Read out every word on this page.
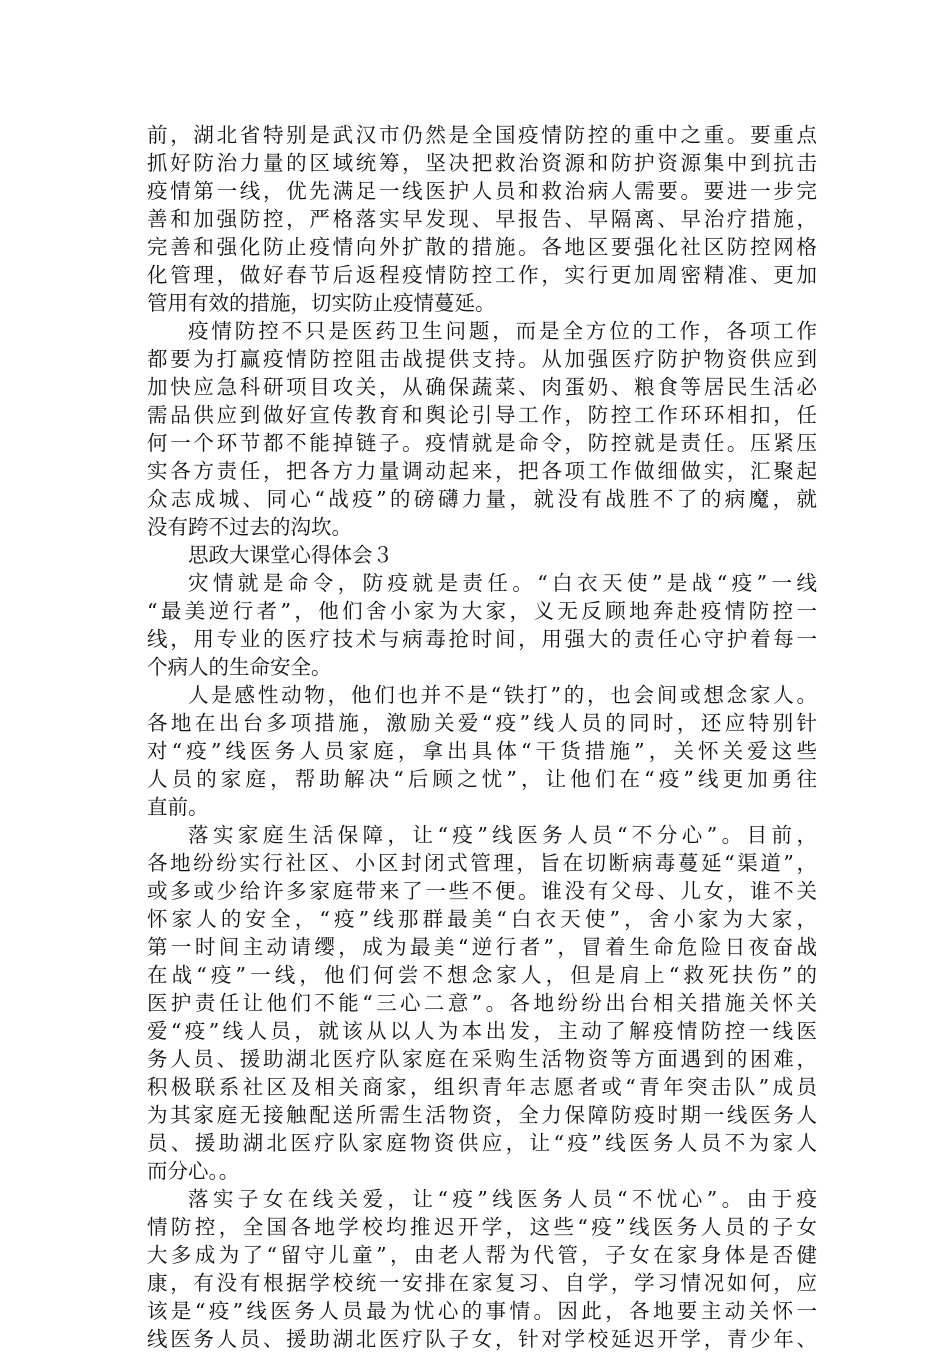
前，湖北省特别是武汉市仍然是全国疫情防控的重中之重。要重点
抓好防治力量的区域统筹，坚决把救治资源和防护资源集中到抗击
疫情第一线，优先满足一线医护人员和救治病人需要。要进一步完
善和加强防控，严格落实早发现、早报告、早隔离、早治疗措施，
完善和强化防止疫情向外扩散的措施。各地区要强化社区防控网格
化管理，做好春节后返程疫情防控工作，实行更加周密精准、更加
管用有效的措施，切实防止疫情蔓延。
疫情防控不只是医药卫生问题，而是全方位的工作，各项工作
都要为打赢疫情防控阻击战提供支持。从加强医疗防护物资供应到
加快应急科研项目攻关，从确保蔬菜、肉蛋奶、粮食等居民生活必
需品供应到做好宣传教育和舆论引导工作，防控工作环环相扣，任
何一个环节都不能掉链子。疫情就是命令，防控就是责任。压紧压
实各方责任，把各方力量调动起来，把各项工作做细做实，汇聚起
众志成城、同心“战疫”的磅礴力量，就没有战胜不了的病魔，就
没有跨不过去的沟坎。
思政大课堂心得体会３
灾情就是命令，防疫就是责任。“白衣天使”是战“疫”一线
“最美逆行者”，他们舍小家为大家，义无反顾地奔赴疫情防控一
线，用专业的医疗技术与病毒抢时间，用强大的责任心守护着每一
个病人的生命安全。
人是感性动物，他们也并不是“铁打”的，也会间或想念家人。
各地在出台多项措施，激励关爱“疫”线人员的同时，还应特别针
对“疫”线医务人员家庭，拿出具体“干货措施”，关怀关爱这些
人员的家庭，帮助解决“后顾之忧”，让他们在“疫”线更加勇往
直前。
落实家庭生活保障，让“疫”线医务人员“不分心”。目前，
各地纷纷实行社区、小区封闭式管理，旨在切断病毒蔓延“渠道”，
或多或少给许多家庭带来了一些不便。谁没有父母、儿女，谁不关
怀家人的安全，“疫”线那群最美“白衣天使”，舍小家为大家，
第一时间主动请缨，成为最美“逆行者”，冒着生命危险日夜奋战
在战“疫”一线，他们何尝不想念家人，但是肩上“救死扶伤”的
医护责任让他们不能“三心二意”。各地纷纷出台相关措施关怀关
爱“疫”线人员，就该从以人为本出发，主动了解疫情防控一线医
务人员、援助湖北医疗队家庭在采购生活物资等方面遇到的困难，
积极联系社区及相关商家，组织青年志愿者或“青年突击队”成员
为其家庭无接触配送所需生活物资，全力保障防疫时期一线医务人
员、援助湖北医疗队家庭物资供应，让“疫”线医务人员不为家人
而分心。。
落实子女在线关爱，让“疫”线医务人员“不忧心”。由于疫
情防控，全国各地学校均推迟开学，这些“疫”线医务人员的子女
大多成为了“留守儿童”，由老人帮为代管，子女在家身体是否健
康，有没有根据学校统一安排在家复习、自学，学习情况如何，应
该是“疫”线医务人员最为忧心的事情。因此，各地要主动关怀一
线医务人员、援助湖北医疗队子女，针对学校延迟开学，青少年、
